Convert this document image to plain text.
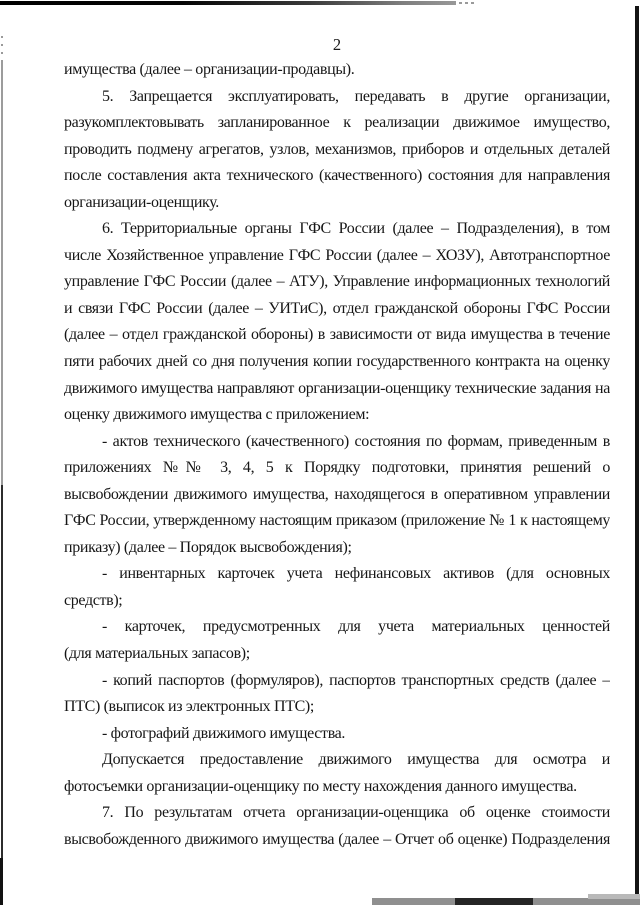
2
имущества (далее – организации-продавцы).
5. Запрещается эксплуатировать, передавать в другие организации,
разукомплектовывать запланированное к реализации движимое имущество,
проводить подмену агрегатов, узлов, механизмов, приборов и отдельных деталей
после составления акта технического (качественного) состояния для направления
организации-оценщику.
6. Территориальные органы ГФС России (далее – Подразделения), в том
числе Хозяйственное управление ГФС России (далее – ХОЗУ), Автотранспортное
управление ГФС России (далее – АТУ), Управление информационных технологий
и связи ГФС России (далее – УИТиС), отдел гражданской обороны ГФС России
(далее – отдел гражданской обороны) в зависимости от вида имущества в течение
пяти рабочих дней со дня получения копии государственного контракта на оценку
движимого имущества направляют организации-оценщику технические задания на
оценку движимого имущества с приложением:
- актов технического (качественного) состояния по формам, приведенным в
приложениях №№ 3, 4, 5 к Порядку подготовки, принятия решений о
высвобождении движимого имущества, находящегося в оперативном управлении
ГФС России, утвержденному настоящим приказом (приложение № 1 к настоящему
приказу) (далее – Порядок высвобождения);
- инвентарных карточек учета нефинансовых активов (для основных
средств);
- карточек, предусмотренных для учета материальных ценностей
(для материальных запасов);
- копий паспортов (формуляров), паспортов транспортных средств (далее –
ПТС) (выписок из электронных ПТС);
- фотографий движимого имущества.
Допускается предоставление движимого имущества для осмотра и
фотосъемки организации-оценщику по месту нахождения данного имущества.
7. По результатам отчета организации-оценщика об оценке стоимости
высвобожденного движимого имущества (далее – Отчет об оценке) Подразделения
